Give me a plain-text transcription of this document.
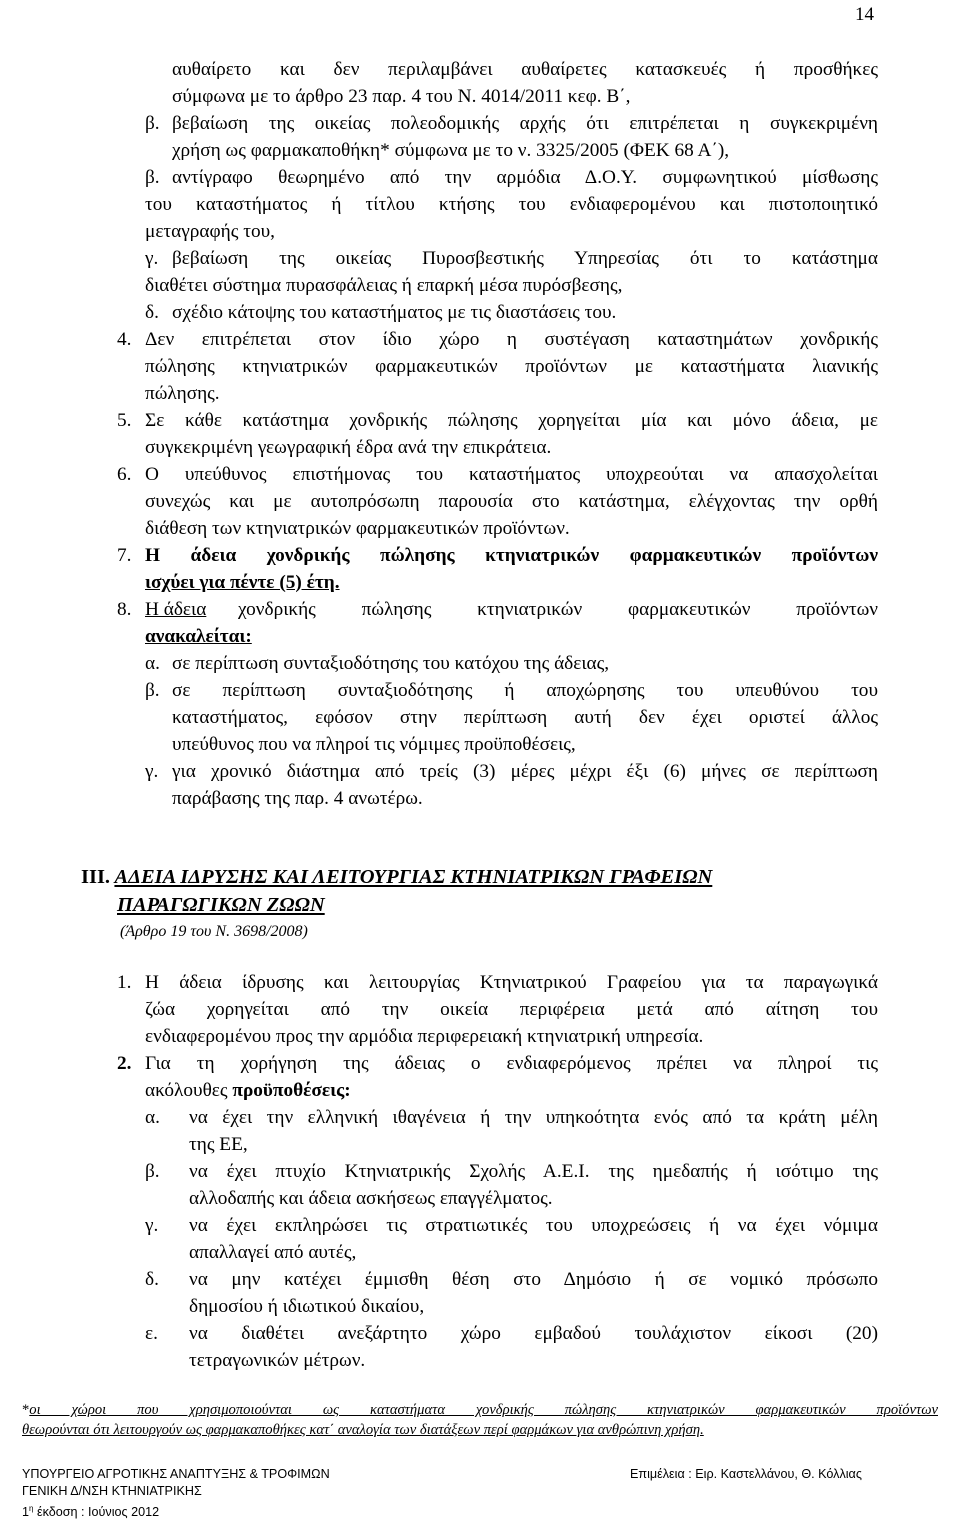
14
αυθαίρετο και δεν περιλαμβάνει αυθαίρετες κατασκευές ή προσθήκες
σύμφωνα με το άρθρο 23 παρ. 4 του Ν. 4014/2011 κεφ. Β΄,
β. βεβαίωση της οικείας πολεοδομικής αρχής ότι επιτρέπεται η συγκεκριμένη
χρήση ως φαρμακαποθήκη* σύμφωνα με το ν. 3325/2005 (ΦΕΚ 68 Α΄),
β. αντίγραφο θεωρημένο από την αρμόδια Δ.Ο.Υ. συμφωνητικού μίσθωσης
του καταστήματος ή τίτλου κτήσης του ενδιαφερομένου και πιστοποιητικό
μεταγραφής του,
γ. βεβαίωση της οικείας Πυροσβεστικής Υπηρεσίας ότι το κατάστημα
διαθέτει σύστημα πυρασφάλειας ή επαρκή μέσα πυρόσβεσης,
δ. σχέδιο κάτοψης του καταστήματος με τις διαστάσεις του.
4. Δεν επιτρέπεται στον ίδιο χώρο η συστέγαση καταστημάτων χονδρικής
πώλησης κτηνιατρικών φαρμακευτικών προϊόντων με καταστήματα λιανικής
πώλησης.
5. Σε κάθε κατάστημα χονδρικής πώλησης χορηγείται μία και μόνο άδεια, με
συγκεκριμένη γεωγραφική έδρα ανά την επικράτεια.
6. Ο υπεύθυνος επιστήμονας του καταστήματος υποχρεούται να απασχολείται
συνεχώς και με αυτοπρόσωπη παρουσία στο κατάστημα, ελέγχοντας την ορθή
διάθεση των κτηνιατρικών φαρμακευτικών προϊόντων.
7. Η άδεια χονδρικής πώλησης κτηνιατρικών φαρμακευτικών προϊόντων
ισχύει για πέντε (5) έτη.
8. Η άδεια χονδρικής πώλησης κτηνιατρικών φαρμακευτικών προϊόντων
ανακαλείται:
α. σε περίπτωση συνταξιοδότησης του κατόχου της άδειας,
β. σε περίπτωση συνταξιοδότησης ή αποχώρησης του υπευθύνου του
καταστήματος, εφόσον στην περίπτωση αυτή δεν έχει οριστεί άλλος
υπεύθυνος που να πληροί τις νόμιμες προϋποθέσεις,
γ. για χρονικό διάστημα από τρείς (3) μέρες μέχρι έξι (6) μήνες σε περίπτωση
παράβασης της παρ. 4 ανωτέρω.
ΙΙΙ. ΑΔΕΙΑ ΙΔΡΥΣΗΣ ΚΑΙ ΛΕΙΤΟΥΡΓΙΑΣ ΚΤΗΝΙΑΤΡΙΚΩΝ ΓΡΑΦΕΙΩΝ
ΠΑΡΑΓΩΓΙΚΩΝ ΖΩΩΝ
(Άρθρο 19 του Ν. 3698/2008)
1. Η άδεια ίδρυσης και λειτουργίας Κτηνιατρικού Γραφείου για τα παραγωγικά
ζώα χορηγείται από την οικεία περιφέρεια μετά από αίτηση του
ενδιαφερομένου προς την αρμόδια περιφερειακή κτηνιατρική υπηρεσία.
2. Για τη χορήγηση της άδειας ο ενδιαφερόμενος πρέπει να πληροί τις
ακόλουθες προϋποθέσεις:
α. να έχει την ελληνική ιθαγένεια ή την υπηκοότητα ενός από τα κράτη μέλη
της ΕΕ,
β. να έχει πτυχίο Κτηνιατρικής Σχολής Α.Ε.Ι. της ημεδαπής ή ισότιμο της
αλλοδαπής και άδεια ασκήσεως επαγγέλματος.
γ. να έχει εκπληρώσει τις στρατιωτικές του υποχρεώσεις ή να έχει νόμιμα
απαλλαγεί από αυτές,
δ. να μην κατέχει έμμισθη θέση στο Δημόσιο ή σε νομικό πρόσωπο
δημοσίου ή ιδιωτικού δικαίου,
ε. να διαθέτει ανεξάρτητο χώρο εμβαδού τουλάχιστον είκοσι (20)
τετραγωνικών μέτρων.
*οι χώροι που χρησιμοποιούνται ως καταστήματα χονδρικής πώλησης κτηνιατρικών φαρμακευτικών προϊόντων
θεωρούνται ότι λειτουργούν ως φαρμακαποθήκες κατ΄ αναλογία των διατάξεων περί φαρμάκων για ανθρώπινη χρήση.
ΥΠΟΥΡΓΕΙΟ ΑΓΡΟΤΙΚΗΣ ΑΝΑΠΤΥΞΗΣ & ΤΡΟΦΙΜΩΝ
ΓΕΝΙΚΗ Δ/ΝΣΗ ΚΤΗΝΙΑΤΡΙΚΗΣ
$1^\eta$ έκδοση : Ιούνιος 2012
Επιμέλεια : Ειρ. Καστελλάνου, Θ. Κόλλιας
